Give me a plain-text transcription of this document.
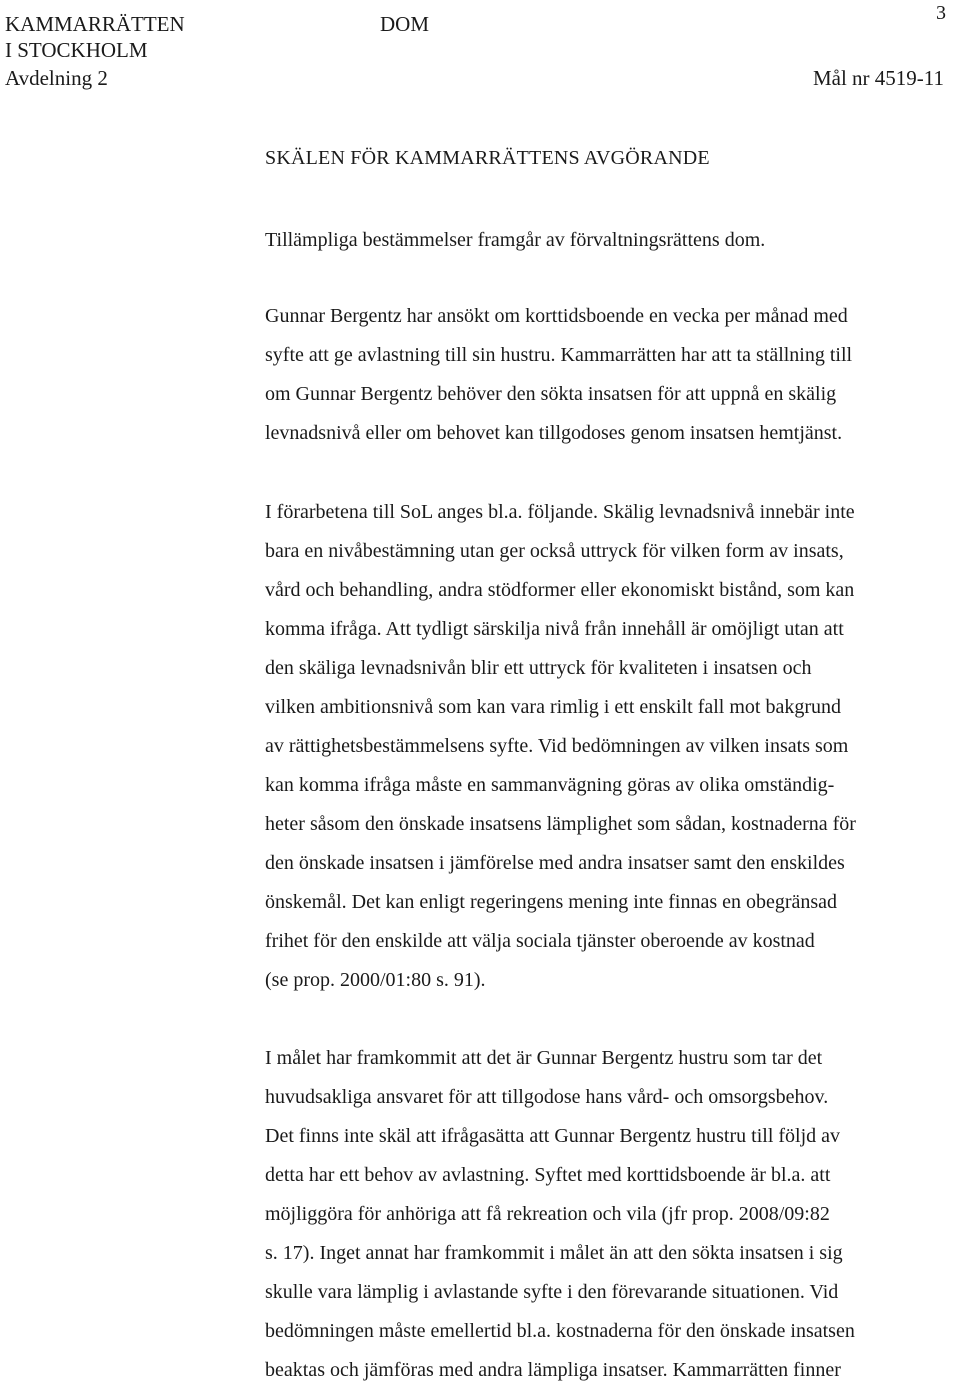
KAMMARRÄTTEN
I STOCKHOLM
Avdelning 2
DOM
Mål nr 4519-11
3
SKÄLEN FÖR KAMMARRÄTTENS AVGÖRANDE

Tillämpliga bestämmelser framgår av förvaltningsrättens dom.

Gunnar Bergentz har ansökt om korttidsboende en vecka per månad med
syfte att ge avlastning till sin hustru. Kammarrätten har att ta ställning till
om Gunnar Bergentz behöver den sökta insatsen för att uppnå en skälig
levnadsnivå eller om behovet kan tillgodoses genom insatsen hemtjänst.

I förarbetena till SoL anges bl.a. följande. Skälig levnadsnivå innebär inte
bara en nivåbestämning utan ger också uttryck för vilken form av insats,
vård och behandling, andra stödformer eller ekonomiskt bistånd, som kan
komma ifråga. Att tydligt särskilja nivå från innehåll är omöjligt utan att
den skäliga levnadsnivån blir ett uttryck för kvaliteten i insatsen och
vilken ambitionsnivå som kan vara rimlig i ett enskilt fall mot bakgrund
av rättighetsbestämmelsens syfte. Vid bedömningen av vilken insats som
kan komma ifråga måste en sammanvägning göras av olika omständig-
heter såsom den önskade insatsens lämplighet som sådan, kostnaderna för
den önskade insatsen i jämförelse med andra insatser samt den enskildes
önskemål. Det kan enligt regeringens mening inte finnas en obegränsad
frihet för den enskilde att välja sociala tjänster oberoende av kostnad
(se prop. 2000/01:80 s. 91).

I målet har framkommit att det är Gunnar Bergentz hustru som tar det
huvudsakliga ansvaret för att tillgodose hans vård- och omsorgsbehov.
Det finns inte skäl att ifrågasätta att Gunnar Bergentz hustru till följd av
detta har ett behov av avlastning. Syftet med korttidsboende är bl.a. att
möjliggöra för anhöriga att få rekreation och vila (jfr prop. 2008/09:82
s. 17). Inget annat har framkommit i målet än att den sökta insatsen i sig
skulle vara lämplig i avlastande syfte i den förevarande situationen. Vid
bedömningen måste emellertid bl.a. kostnaderna för den önskade insatsen
beaktas och jämföras med andra lämpliga insatser. Kammarrätten finner
